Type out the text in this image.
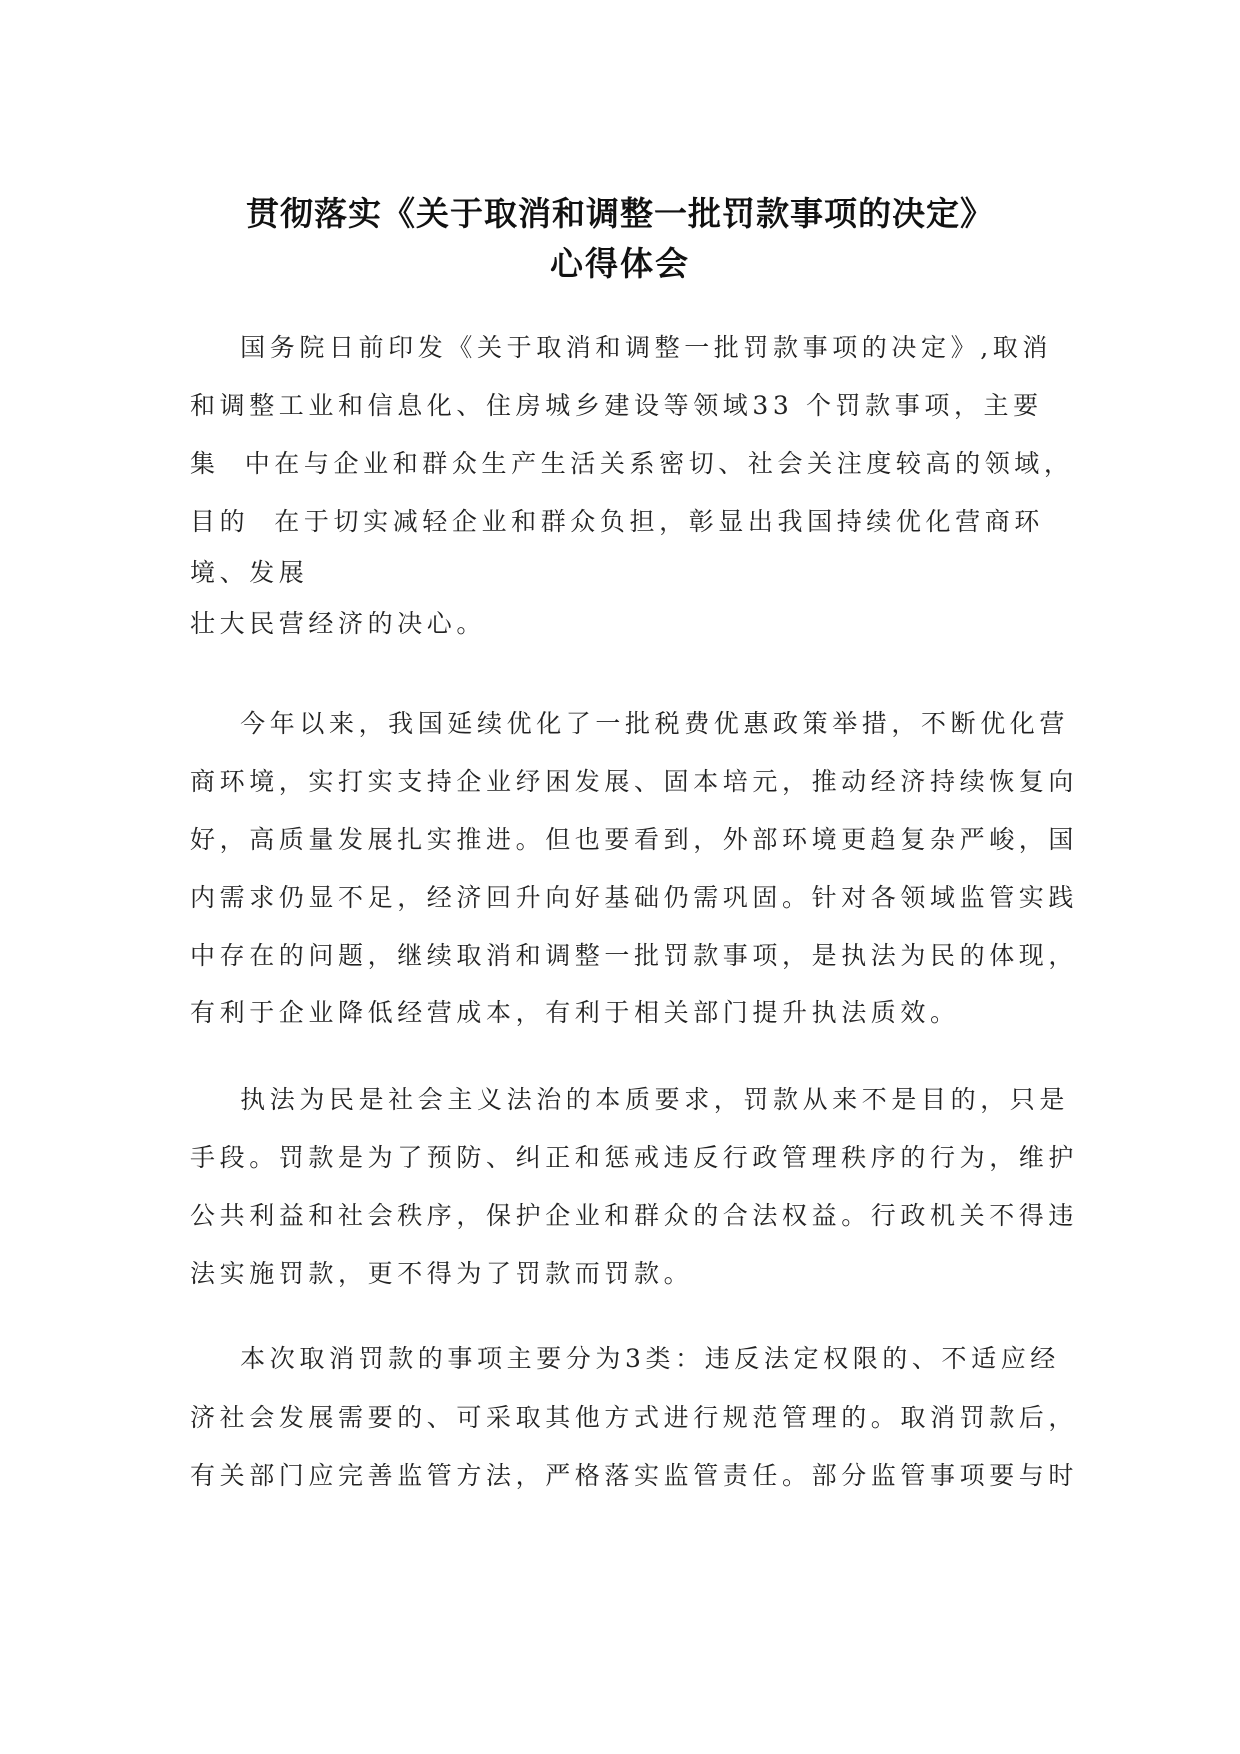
贯彻落实《关于取消和调整一批罚款事项的决定》
心得体会

国务院日前印发《关于取消和调整一批罚款事项的决定》,取消

和调整工业和信息化、住房城乡建设等领域33 个罚款事项，主要

集  中在与企业和群众生产生活关系密切、社会关注度较高的领域，

目的  在于切实减轻企业和群众负担，彰显出我国持续优化营商环

境、发展

壮大民营经济的决心。

今年以来，我国延续优化了一批税费优惠政策举措，不断优化营

商环境，实打实支持企业纾困发展、固本培元，推动经济持续恢复向

好，高质量发展扎实推进。但也要看到，外部环境更趋复杂严峻，国

内需求仍显不足，经济回升向好基础仍需巩固。针对各领域监管实践

中存在的问题，继续取消和调整一批罚款事项，是执法为民的体现，

有利于企业降低经营成本，有利于相关部门提升执法质效。

执法为民是社会主义法治的本质要求，罚款从来不是目的，只是

手段。罚款是为了预防、纠正和惩戒违反行政管理秩序的行为，维护

公共利益和社会秩序，保护企业和群众的合法权益。行政机关不得违

法实施罚款，更不得为了罚款而罚款。

本次取消罚款的事项主要分为3类：违反法定权限的、不适应经

济社会发展需要的、可采取其他方式进行规范管理的。取消罚款后，

有关部门应完善监管方法，严格落实监管责任。部分监管事项要与时
